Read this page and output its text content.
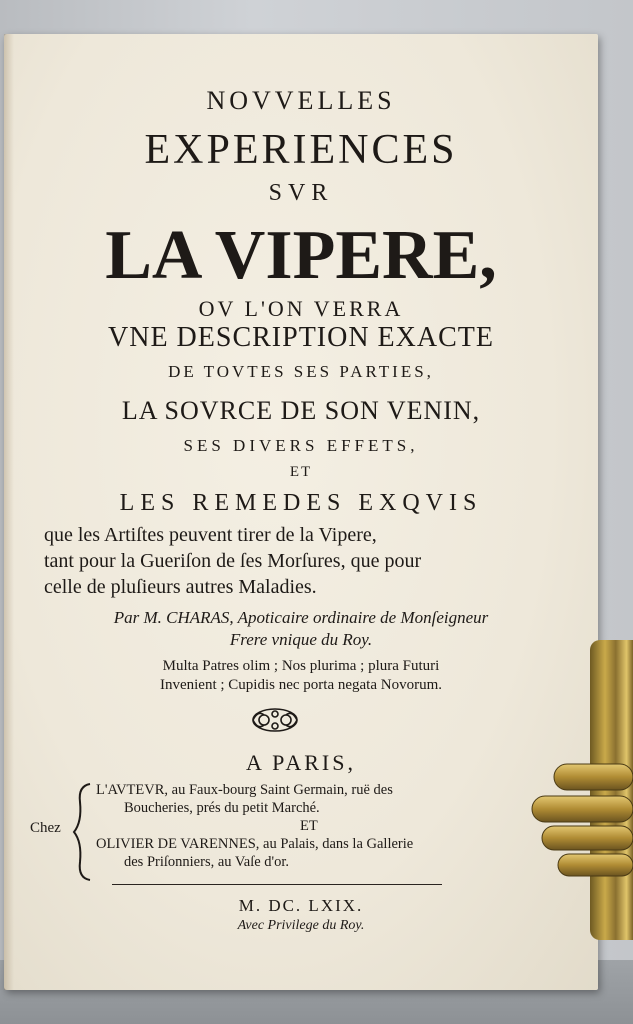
NOVVELLES
EXPERIENCES
SVR
LA VIPERE,
OV L'ON VERRA
VNE DESCRIPTION EXACTE
DE TOVTES SES PARTIES,
LA SOVRCE DE SON VENIN,
SES DIVERS EFFETS,
ET
LES REMEDES EXQVIS
que les Artiſtes peuvent tirer de la Vipere,
tant pour la Gueriſon de ſes Morſures, que pour
celle de pluſieurs autres Maladies.
Par M. CHARAS, Apoticaire ordinaire de Monſeigneur
Frere vnique du Roy.
Multa Patres olim ; Nos plurima ; plura Futuri
Invenient ; Cupidis nec porta negata Novorum.
A PARIS,
Chez
L'AVTEVR, au Faux-bourg Saint Germain, ruë des
Boucheries, prés du petit Marché.
ET
OLIVIER DE VARENNES, au Palais, dans la Gallerie
des Priſonniers, au Vaſe d'or.
M. DC. LXIX.
Avec Privilege du Roy.
